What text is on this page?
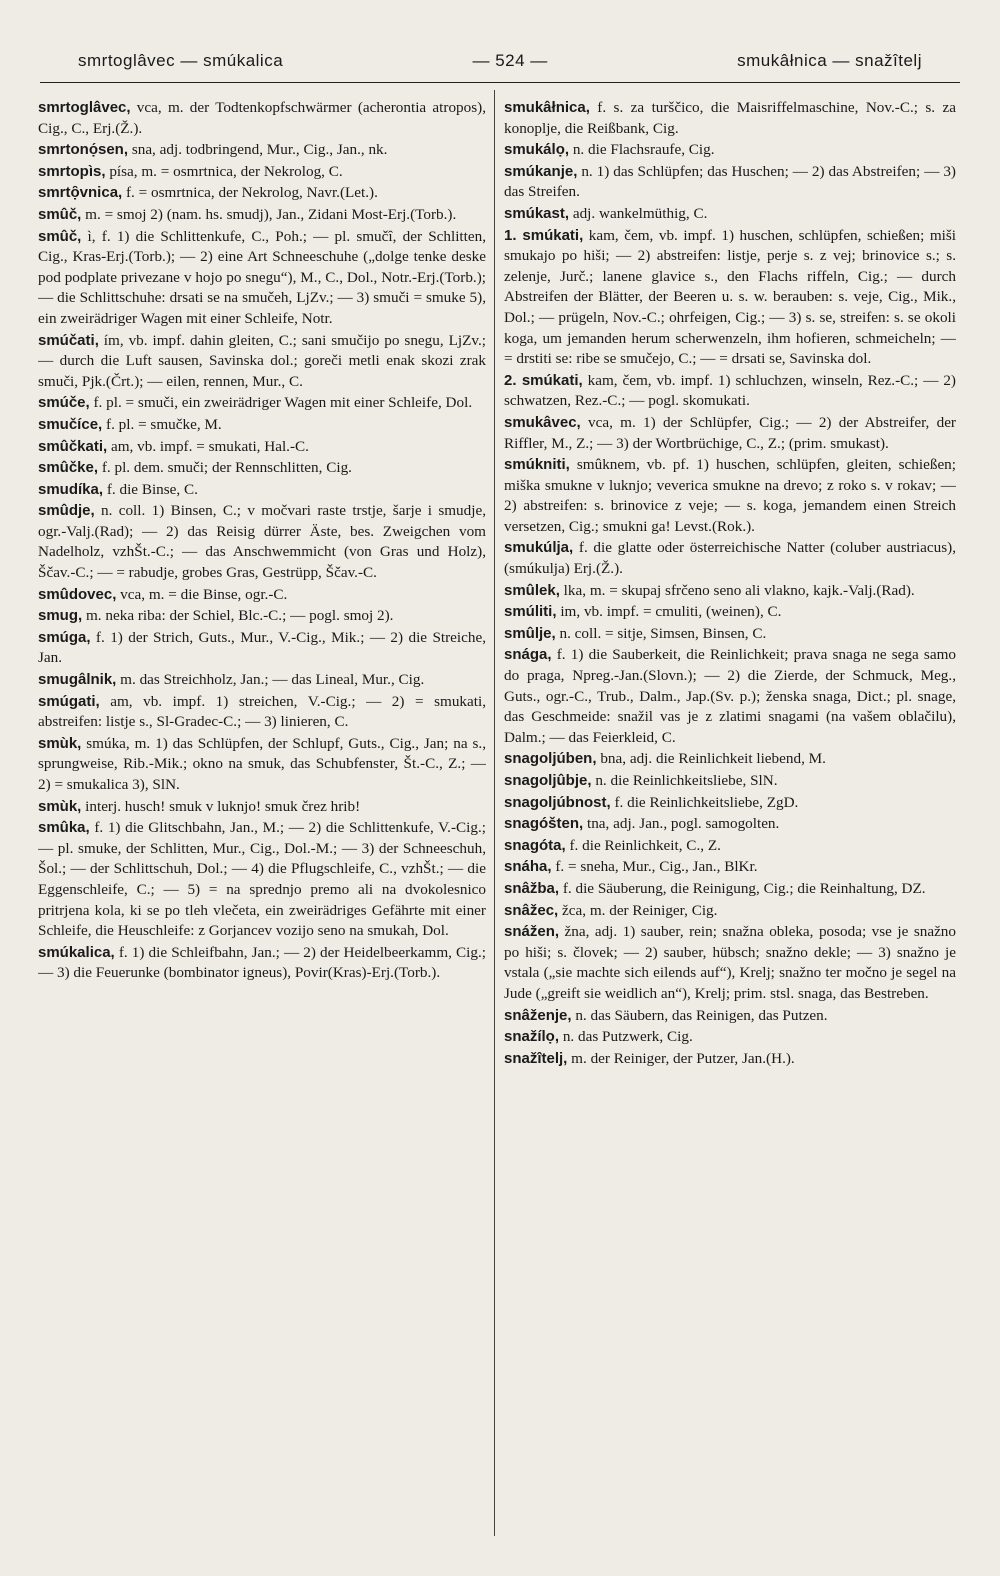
smrtoglâvec — smúkalica	— 524 —	smukâłnica — snažîtelj

smrtoglâvec, vca, m. der Todtenkopfschwärmer (acherontia atropos), Cig., C., Erj.(Ž.).

smrtonọ́sen, sna, adj. todbringend, Mur., Cig., Jan., nk.

smrtopìs, písa, m. = osmrtnica, der Nekrolog, C.

smrtọ̑vnica, f. = osmrtnica, der Nekrolog, Navr.(Let.).

smûč, m. = smoj 2) (nam. hs. smudj), Jan., Zidani Most-Erj.(Torb.).

smûč, ì, f. 1) die Schlittenkufe, C., Poh.; — pl. smučî, der Schlitten, Cig., Kras-Erj.(Torb.); — 2) eine Art Schneeschuhe („dolge tenke deske pod podplate privezane v hojo po snegu“), M., C., Dol., Notr.-Erj.(Torb.); — die Schlittschuhe: drsati se na smučeh, LjZv.; — 3) smuči = smuke 5), ein zweirädriger Wagen mit einer Schleife, Notr.

smúčati, ím, vb. impf. dahin gleiten, C.; sani smučijo po snegu, LjZv.; — durch die Luft sausen, Savinska dol.; goreči metli enak skozi zrak smuči, Pjk.(Črt.); — eilen, rennen, Mur., C.

smúče, f. pl. = smuči, ein zweirädriger Wagen mit einer Schleife, Dol.

smučíce, f. pl. = smučke, M.

smûčkati, am, vb. impf. = smukati, Hal.-C.

smûčke, f. pl. dem. smuči; der Rennschlitten, Cig.

smudíka, f. die Binse, C.

smûdje, n. coll. 1) Binsen, C.; v močvari raste trstje, šarje i smudje, ogr.-Valj.(Rad); — 2) das Reisig dürrer Äste, bes. Zweigchen vom Nadelholz, vzhŠt.-C.; — das Anschwemmicht (von Gras und Holz), Ščav.-C.; — = rabudje, grobes Gras, Gestrüpp, Ščav.-C.

smûdovec, vca, m. = die Binse, ogr.-C.

smug, m. neka riba: der Schiel, Blc.-C.; — pogl. smoj 2).

smúga, f. 1) der Strich, Guts., Mur., V.-Cig., Mik.; — 2) die Streiche, Jan.

smugâlnik, m. das Streichholz, Jan.; — das Lineal, Mur., Cig.

smúgati, am, vb. impf. 1) streichen, V.-Cig.; — 2) = smukati, abstreifen: listje s., Sl-Gradec-C.; — 3) linieren, C.

smùk, smúka, m. 1) das Schlüpfen, der Schlupf, Guts., Cig., Jan; na s., sprungweise, Rib.-Mik.; okno na smuk, das Schubfenster, Št.-C., Z.; — 2) = smukalica 3), SlN.

smùk, interj. husch! smuk v luknjo! smuk črez hrib!

smûka, f. 1) die Glitschbahn, Jan., M.; — 2) die Schlittenkufe, V.-Cig.; — pl. smuke, der Schlitten, Mur., Cig., Dol.-M.; — 3) der Schneeschuh, Šol.; — der Schlittschuh, Dol.; — 4) die Pflugschleife, C., vzhŠt.; — die Eggenschleife, C.; — 5) = na sprednjo premo ali na dvokolesnico pritrjena kola, ki se po tleh vlečeta, ein zweirädriges Gefährte mit einer Schleife, die Heuschleife: z Gorjancev vozijo seno na smukah, Dol.

smúkalica, f. 1) die Schleifbahn, Jan.; — 2) der Heidelbeerkamm, Cig.; — 3) die Feuerunke (bombinator igneus), Povir(Kras)-Erj.(Torb.).

smukâłnica, f. s. za turščico, die Maisriffelmaschine, Nov.-C.; s. za konoplje, die Reißbank, Cig.

smukálọ, n. die Flachsraufe, Cig.

smúkanje, n. 1) das Schlüpfen; das Huschen; — 2) das Abstreifen; — 3) das Streifen.

smúkast, adj. wankelmüthig, C.

1. smúkati, kam, čem, vb. impf. 1) huschen, schlüpfen, schießen; miši smukajo po hiši; — 2) abstreifen: listje, perje s. z vej; brinovice s.; s. zelenje, Jurč.; lanene glavice s., den Flachs riffeln, Cig.; — durch Abstreifen der Blätter, der Beeren u. s. w. berauben: s. veje, Cig., Mik., Dol.; — prügeln, Nov.-C.; ohrfeigen, Cig.; — 3) s. se, streifen: s. se okoli koga, um jemanden herum scherwenzeln, ihm hofieren, schmeicheln; — = drstiti se: ribe se smučejo, C.; — = drsati se, Savinska dol.

2. smúkati, kam, čem, vb. impf. 1) schluchzen, winseln, Rez.-C.; — 2) schwatzen, Rez.-C.; — pogl. skomukati.

smukâvec, vca, m. 1) der Schlüpfer, Cig.; — 2) der Abstreifer, der Riffler, M., Z.; — 3) der Wortbrüchige, C., Z.; (prim. smukast).

smúkniti, smûknem, vb. pf. 1) huschen, schlüpfen, gleiten, schießen; miška smukne v luknjo; veverica smukne na drevo; z roko s. v rokav; — 2) abstreifen: s. brinovice z veje; — s. koga, jemandem einen Streich versetzen, Cig.; smukni ga! Levst.(Rok.).

smukúlja, f. die glatte oder österreichische Natter (coluber austriacus), (smúkulja) Erj.(Ž.).

smûlek, lka, m. = skupaj sfrčeno seno ali vlakno, kajk.-Valj.(Rad).

smúliti, im, vb. impf. = cmuliti, (weinen), C.

smûlje, n. coll. = sitje, Simsen, Binsen, C.

snága, f. 1) die Sauberkeit, die Reinlichkeit; prava snaga ne sega samo do praga, Npreg.-Jan.(Slovn.); — 2) die Zierde, der Schmuck, Meg., Guts., ogr.-C., Trub., Dalm., Jap.(Sv. p.); ženska snaga, Dict.; pl. snage, das Geschmeide: snažil vas je z zlatimi snagami (na vašem oblačilu), Dalm.; — das Feierkleid, C.

snagoljúben, bna, adj. die Reinlichkeit liebend, M.

snagoljûbje, n. die Reinlichkeitsliebe, SlN.

snagoljúbnost, f. die Reinlichkeitsliebe, ZgD.

snagóšten, tna, adj. Jan., pogl. samogolten.

snagóta, f. die Reinlichkeit, C., Z.

snáha, f. = sneha, Mur., Cig., Jan., BlKr.

snâžba, f. die Säuberung, die Reinigung, Cig.; die Reinhaltung, DZ.

snâžec, žca, m. der Reiniger, Cig.

snážen, žna, adj. 1) sauber, rein; snažna obleka, posoda; vse je snažno po hiši; s. človek; — 2) sauber, hübsch; snažno dekle; — 3) snažno je vstala („sie machte sich eilends auf“), Krelj; snažno ter močno je segel na Jude („greift sie weidlich an“), Krelj; prim. stsl. snaga, das Bestreben.

snâženje, n. das Säubern, das Reinigen, das Putzen.

snažílọ, n. das Putzwerk, Cig.

snažîtelj, m. der Reiniger, der Putzer, Jan.(H.).
